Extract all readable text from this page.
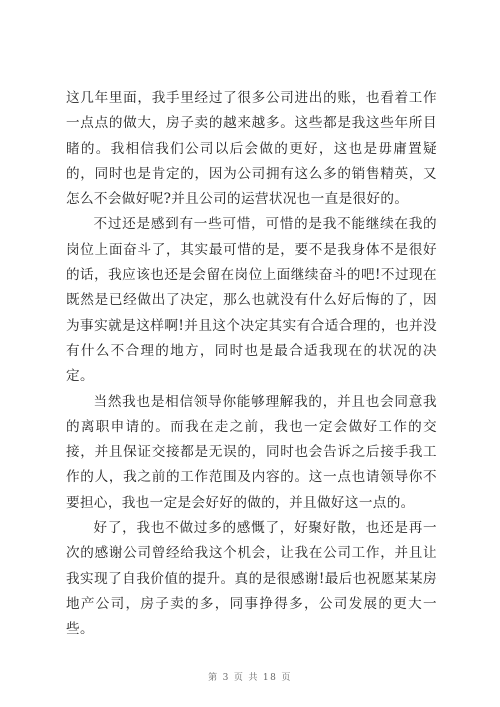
这几年里面，我手里经过了很多公司进出的账，也看着工作一点点的做大，房子卖的越来越多。这些都是我这些年所目睹的。我相信我们公司以后会做的更好，这也是毋庸置疑的，同时也是肯定的，因为公司拥有这么多的销售精英，又怎么不会做好呢?并且公司的运营状况也一直是很好的。

不过还是感到有一些可惜，可惜的是我不能继续在我的岗位上面奋斗了，其实最可惜的是，要不是我身体不是很好的话，我应该也还是会留在岗位上面继续奋斗的吧!不过现在既然是已经做出了决定，那么也就没有什么好后悔的了，因为事实就是这样啊!并且这个决定其实有合适合理的，也并没有什么不合理的地方，同时也是最合适我现在的状况的决定。

当然我也是相信领导你能够理解我的，并且也会同意我的离职申请的。而我在走之前，我也一定会做好工作的交接，并且保证交接都是无误的，同时也会告诉之后接手我工作的人，我之前的工作范围及内容的。这一点也请领导你不要担心，我也一定是会好好的做的，并且做好这一点的。

好了，我也不做过多的感慨了，好聚好散，也还是再一次的感谢公司曾经给我这个机会，让我在公司工作，并且让我实现了自我价值的提升。真的是很感谢!最后也祝愿某某房地产公司，房子卖的多，同事挣得多，公司发展的更大一些。

第 3 页 共 18 页
